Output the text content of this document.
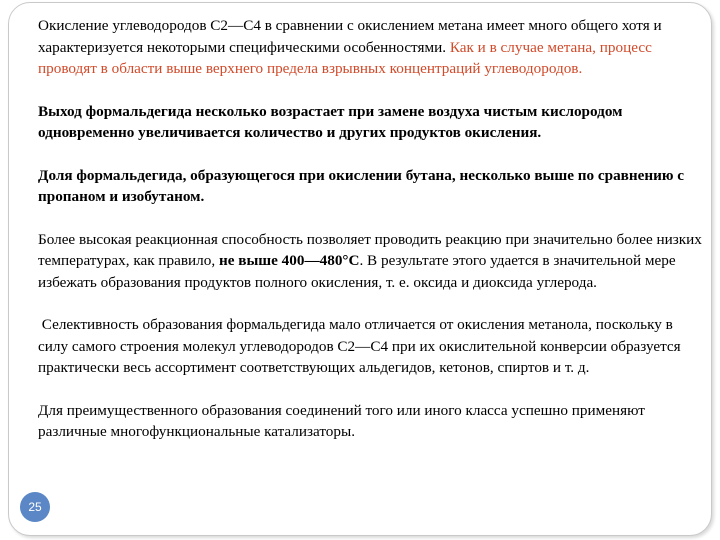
Окисление углеводородов С2—С4 в сравнении с окислением метана имеет много общего хотя и характеризуется некоторыми специфическими особенностями. Как и в случае метана, процесс проводят в области выше верхнего предела взрывных концентраций углеводородов.

Выход формальдегида несколько возрастает при замене воздуха чистым кислородом одновременно увеличивается количество и других продуктов окисления.

Доля формальдегида, образующегося при окислении бутана, несколько выше по сравнению с пропаном и изобутаном.

Более высокая реакционная способность позволяет проводить реакцию при значительно более низких температурах, как правило, не выше 400—480°С. В результате этого удается в значительной мере избежать образования продуктов полного окисления, т. е. оксида и диоксида углерода.

Селективность образования формальдегида мало отличается от окисления метанола, поскольку в силу самого строения молекул углеводородов С2—С4 при их окислительной конверсии образуется практически весь ассортимент соответствующих альдегидов, кетонов, спиртов и т. д.

Для преимущественного образования соединений того или иного класса успешно применяют различные многофункциональные катализаторы.

25
